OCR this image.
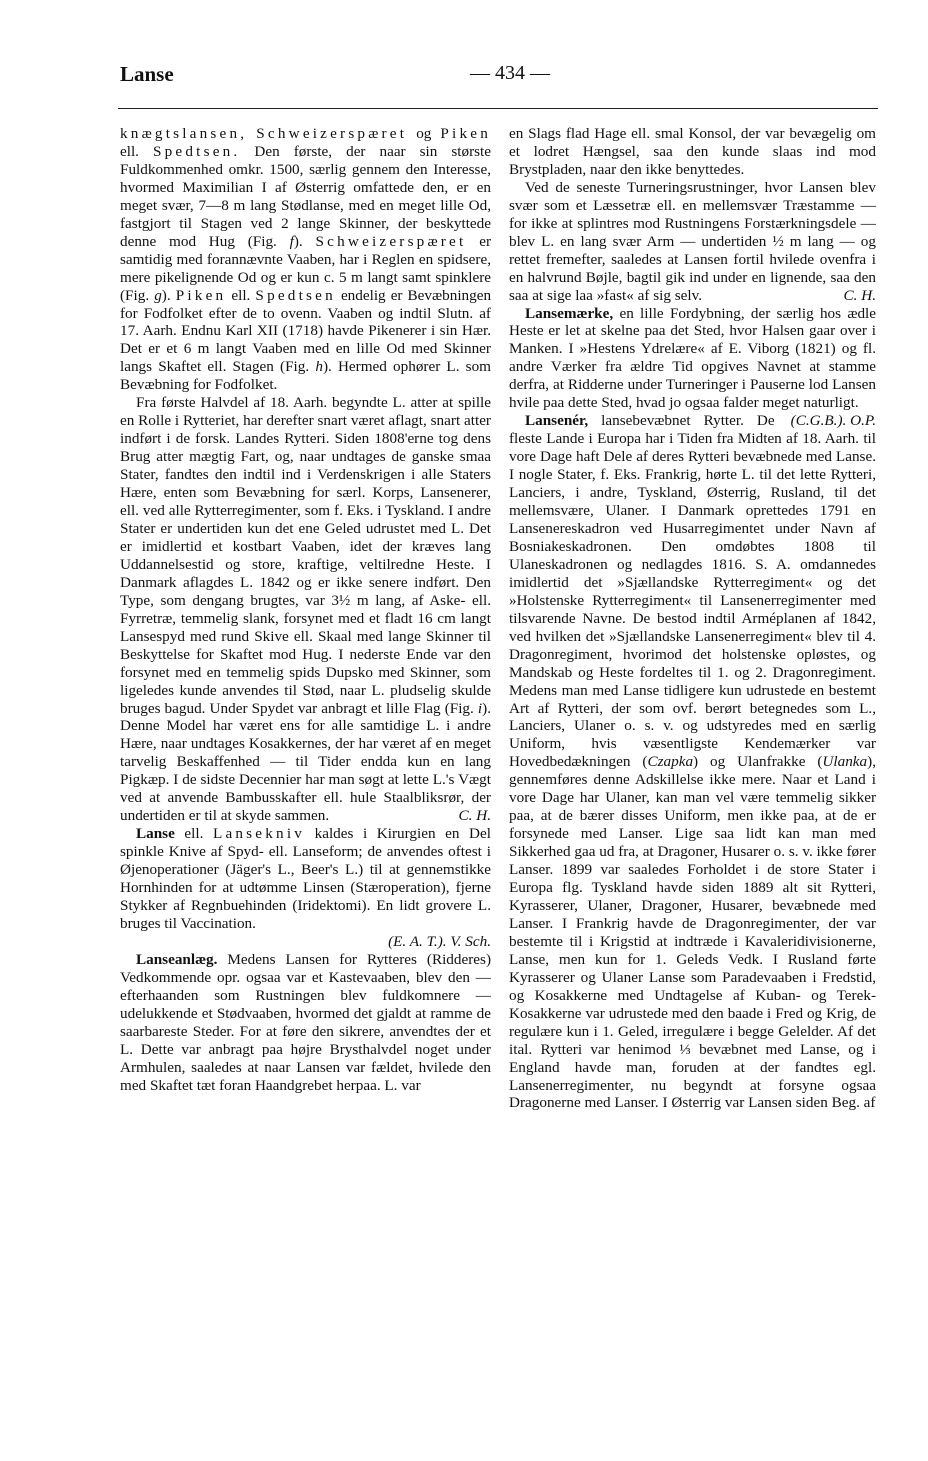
Lanse	— 434 —

knægtslansen, Schweizerspæret og Piken ell. Spedtsen. Den første, der naar sin største Fuldkommenhed omkr. 1500, særlig gennem den Interesse, hvormed Maximilian I af Østerrig omfattede den, er en meget svær, 7—8 m lang Stødlanse, med en meget lille Od, fastgjort til Stagen ved 2 lange Skinner, der beskyttede denne mod Hug (Fig. f). Schweizerspæret er samtidig med forannævnte Vaaben, har i Reglen en spidsere, mere pikelignende Od og er kun c. 5 m langt samt spinklere (Fig. g). Piken ell. Spedtsen endelig er Bevæbningen for Fodfolket efter de to ovenn. Vaaben og indtil Slutn. af 17. Aarh. Endnu Karl XII (1718) havde Pikenerer i sin Hær. Det er et 6 m langt Vaaben med en lille Od med Skinner langs Skaftet ell. Stagen (Fig. h). Hermed ophører L. som Bevæbning for Fodfolket.

Fra første Halvdel af 18. Aarh. begyndte L. atter at spille en Rolle i Rytteriet, har derefter snart været aflagt, snart atter indført i de forsk. Landes Rytteri. Siden 1808'erne tog dens Brug atter mægtig Fart, og, naar undtages de ganske smaa Stater, fandtes den indtil ind i Verdenskrigen i alle Staters Hære, enten som Bevæbning for særl. Korps, Lansenerer, ell. ved alle Rytterregimenter, som f. Eks. i Tyskland. I andre Stater er undertiden kun det ene Geled udrustet med L. Det er imidlertid et kostbart Vaaben, idet der kræves lang Uddannelsestid og store, kraftige, veltilredne Heste. I Danmark aflagdes L. 1842 og er ikke senere indført. Den Type, som dengang brugtes, var 3½ m lang, af Aske- ell. Fyrretræ, temmelig slank, forsynet med et fladt 16 cm langt Lansespyd med rund Skive ell. Skaal med lange Skinner til Beskyttelse for Skaftet mod Hug. I nederste Ende var den forsynet med en temmelig spids Dupsko med Skinner, som ligeledes kunde anvendes til Stød, naar L. pludselig skulde bruges bagud. Under Spydet var anbragt et lille Flag (Fig. i). Denne Model har været ens for alle samtidige L. i andre Hære, naar undtages Kosakkernes, der har været af en meget tarvelig Beskaffenhed — til Tider endda kun en lang Pigkæp. I de sidste Decennier har man søgt at lette L.'s Vægt ved at anvende Bambusskafter ell. hule Staalbliksrør, der undertiden er til at skyde sammen.	C. H.

Lanse ell. Lansekniv kaldes i Kirurgien en Del spinkle Knive af Spyd- ell. Lanseform; de anvendes oftest i Øjenoperationer (Jäger's L., Beer's L.) til at gennemstikke Hornhinden for at udtømme Linsen (Stæroperation), fjerne Stykker af Regnbuehinden (Iridektomi). En lidt grovere L. bruges til Vaccination.

(E. A. T.). V. Sch.

Lanseanlæg. Medens Lansen for Rytteres (Ridderes) Vedkommende opr. ogsaa var et Kastevaaben, blev den — efterhaanden som Rustningen blev fuldkomnere — udelukkende et Stødvaaben, hvormed det gjaldt at ramme de saarbareste Steder. For at føre den sikrere, anvendtes der et L. Dette var anbragt paa højre Brysthalvdel noget under Armhulen, saaledes at naar Lansen var fældet, hvilede den med Skaftet tæt foran Haandgrebet herpaa. L. var

en Slags flad Hage ell. smal Konsol, der var bevægelig om et lodret Hængsel, saa den kunde slaas ind mod Brystpladen, naar den ikke benyttedes.

Ved de seneste Turneringsrustninger, hvor Lansen blev svær som et Læssetræ ell. en mellemsvær Træstamme — for ikke at splintres mod Rustningens Forstærkningsdele — blev L. en lang svær Arm — undertiden ½ m lang — og rettet fremefter, saaledes at Lansen fortil hvilede ovenfra i en halvrund Bøjle, bagtil gik ind under en lignende, saa den saa at sige laa »fast« af sig selv.	C. H.

Lansemærke, en lille Fordybning, der særlig hos ædle Heste er let at skelne paa det Sted, hvor Halsen gaar over i Manken. I »Hestens Ydrelære« af E. Viborg (1821) og fl. andre Værker fra ældre Tid opgives Navnet at stamme derfra, at Ridderne under Turneringer i Pauserne lod Lansen hvile paa dette Sted, hvad jo ogsaa falder meget naturligt.
(C.G.B.). O.P.

Lansenér, lansebevæbnet Rytter. De fleste Lande i Europa har i Tiden fra Midten af 18. Aarh. til vore Dage haft Dele af deres Rytteri bevæbnede med Lanse. I nogle Stater, f. Eks. Frankrig, hørte L. til det lette Rytteri, Lanciers, i andre, Tyskland, Østerrig, Rusland, til det mellemsvære, Ulaner. I Danmark oprettedes 1791 en Lansenereskadron ved Husarregimentet under Navn af Bosniakeskadronen. Den omdøbtes 1808 til Ulaneskadronen og nedlagdes 1816. S. A. omdannedes imidlertid det »Sjællandske Rytterregiment« og det »Holstenske Rytterregiment« til Lansenerregimenter med tilsvarende Navne. De bestod indtil Arméplanen af 1842, ved hvilken det »Sjællandske Lansenerregiment« blev til 4. Dragonregiment, hvorimod det holstenske opløstes, og Mandskab og Heste fordeltes til 1. og 2. Dragonregiment. Medens man med Lanse tidligere kun udrustede en bestemt Art af Rytteri, der som ovf. berørt betegnedes som L., Lanciers, Ulaner o. s. v. og udstyredes med en særlig Uniform, hvis væsentligste Kendemærker var Hovedbedækningen (Czapka) og Ulanfrakke (Ulanka), gennemføres denne Adskillelse ikke mere. Naar et Land i vore Dage har Ulaner, kan man vel være temmelig sikker paa, at de bærer disses Uniform, men ikke paa, at de er forsynede med Lanser. Lige saa lidt kan man med Sikkerhed gaa ud fra, at Dragoner, Husarer o. s. v. ikke fører Lanser. 1899 var saaledes Forholdet i de store Stater i Europa flg. Tyskland havde siden 1889 alt sit Rytteri, Kyrasserer, Ulaner, Dragoner, Husarer, bevæbnede med Lanser. I Frankrig havde de Dragonregimenter, der var bestemte til i Krigstid at indtræde i Kavaleridivisionerne, Lanse, men kun for 1. Geleds Vedk. I Rusland førte Kyrasserer og Ulaner Lanse som Paradevaaben i Fredstid, og Kosakkerne med Undtagelse af Kuban- og Terek-Kosakkerne var udrustede med den baade i Fred og Krig, de regulære kun i 1. Geled, irregulære i begge Gelelder. Af det ital. Rytteri var henimod ⅓ bevæbnet med Lanse, og i England havde man, foruden at der fandtes egl. Lansenerregimenter, nu begyndt at forsyne ogsaa Dragonerne med Lanser. I Østerrig var Lansen siden Beg. af
